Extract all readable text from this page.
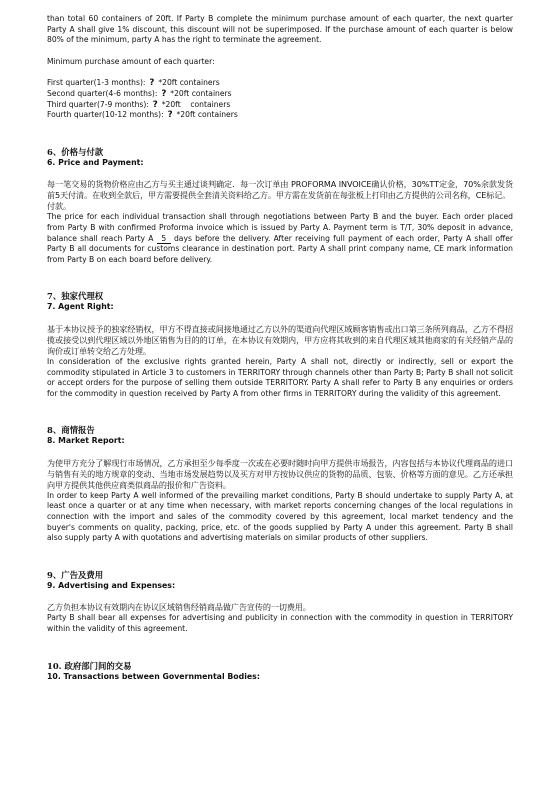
than total 60 containers of 20ft. If Party B complete the minimum purchase amount of each quarter, the next quarter Party A shall give 1% discount, this discount will not be superimposed. If the purchase amount of each quarter is below 80% of the minimum, party A has the right to terminate the agreement.

Minimum purchase amount of each quarter:

First quarter(1-3 months): ? *20ft containers
Second quarter(4-6 months): ? *20ft containers
Third quarter(7-9 months): ? *20ft    containers
Fourth quarter(10-12 months): ? *20ft containers
6、价格与付款
6. Price and Payment:

每一笔交易的货物价格应由乙方与买主通过谈判确定．每一次订单由 PROFORMA INVOICE确认价格，30%TT定金，70%余款发货前5天付清。在收到全款后，甲方需要提供全套清关资料给乙方。甲方需在发货前在每张板上打印由乙方提供的公司名称，CE标记。

付款。

The price for each individual transaction shall through negotiations between Party B and the buyer. Each order placed from Party B with confirmed Proforma invoice which is issued by Party A. Payment term is T/T, 30% deposit in advance, balance shall reach Party A 5 days before the delivery. After receiving full payment of each order, Party A shall offer Party B all documents for customs clearance in destination port. Party A shall print company name, CE mark information from Party B on each board before delivery.

7、独家代理权
7. Agent Right:

基于本协议授予的独家经销权，甲方不得直接或间接地通过乙方以外的渠道向代理区域顾客销售或出口第三条所列商品，乙方不得招揽或接受以到代理区域以外地区销售为目的的订单，在本协议有效期内，甲方应将其收到的来自代理区域其他商家的有关经销产品的询价或订单转交给乙方处理。

In consideration of the exclusive rights granted herein, Party A shall not, directly or indirectly, sell or export the commodity stipulated in Article 3 to customers in TERRITORY through channels other than Party B; Party B shall not solicit or accept orders for the purpose of selling them outside TERRITORY. Party A shall refer to Party B any enquiries or orders for the commodity in question received by Party A from other firms in TERRITORY during the validity of this agreement.

8、商情报告
8. Market Report:

为使甲方充分了解现行市场情况，乙方承担至少每季度一次或在必要时随时向甲方提供市场报告，内容包括与本协议代理商品的进口与销售有关的地方规章的变动、当地市场发展趋势以及买方对甲方按协议供应的货物的品质、包装、价格等方面的意见。乙方还承担向甲方提供其他供应商类似商品的报价和广告资料。

In order to keep Party A well informed of the prevailing market conditions, Party B should undertake to supply Party A, at least once a quarter or at any time when necessary, with market reports concerning changes of the local regulations in connection with the import and sales of the commodity covered by this agreement, local market tendency and the buyer's comments on quality, packing, price, etc. of the goods supplied by Party A under this agreement. Party B shall also supply party A with quotations and advertising materials on similar products of other suppliers.

9、广告及费用
9. Advertising and Expenses:

乙方负担本协议有效期内在协议区域销售经销商品做广告宣传的一切费用。

Party B shall bear all expenses for advertising and publicity in connection with the commodity in question in TERRITORY within the validity of this agreement.

10. 政府部门间的交易
10. Transactions between Governmental Bodies:
